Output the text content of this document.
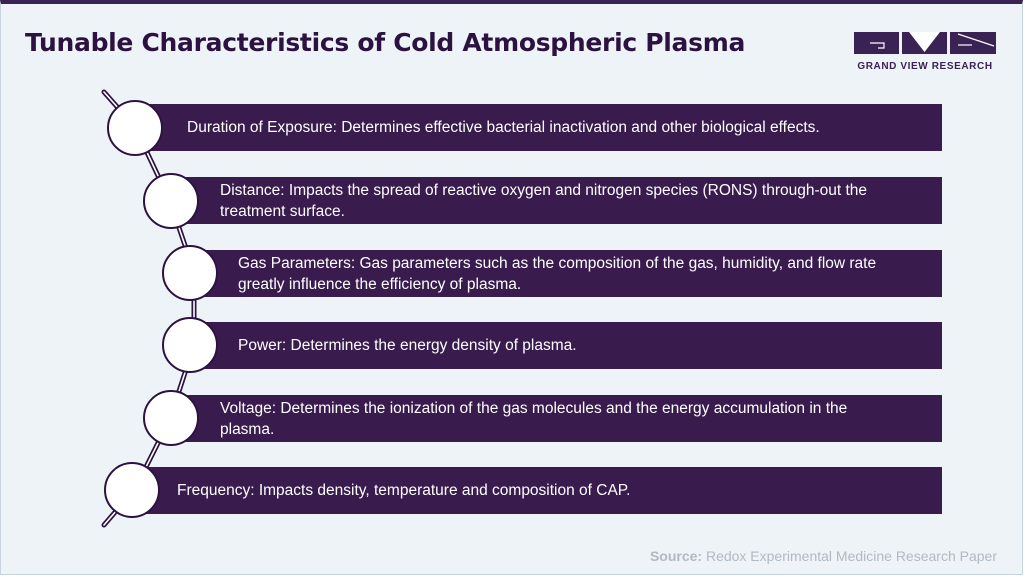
Tunable Characteristics of Cold Atmospheric Plasma
GRAND VIEW RESEARCH
Duration of Exposure: Determines effective bacterial inactivation and other biological effects.
Distance: Impacts the spread of reactive oxygen and nitrogen species (RONS) through-out the treatment surface.
Gas Parameters: Gas parameters such as the composition of the gas, humidity, and flow rate greatly influence the efficiency of plasma.
Power: Determines the energy density of plasma.
Voltage: Determines the ionization of the gas molecules and the energy accumulation in the plasma.
Frequency: Impacts density, temperature and composition of CAP.
Source: Redox Experimental Medicine Research Paper
